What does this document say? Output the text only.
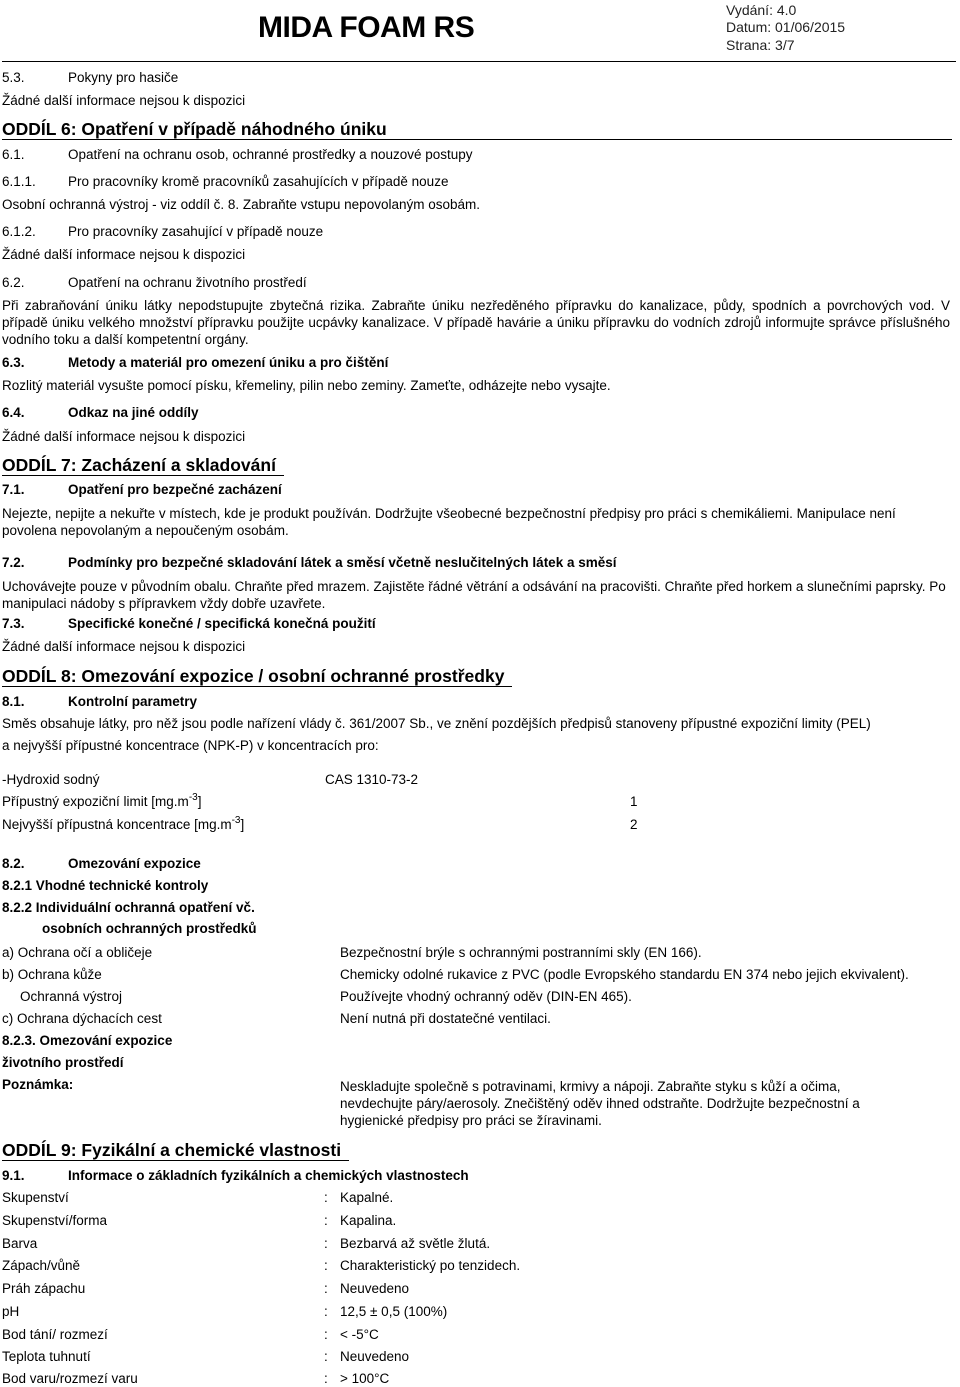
MIDA FOAM RS
Vydání: 4.0
Datum: 01/06/2015
Strana: 3/7
5.3.	Pokyny pro hasiče
Žádné další informace nejsou k dispozici
ODDÍL 6: Opatření v případě náhodného úniku
6.1.	Opatření na ochranu osob, ochranné prostředky a nouzové postupy
6.1.1. Pro pracovníky kromě pracovníků zasahujících v případě nouze
Osobní ochranná výstroj - viz oddíl č. 8. Zabraňte vstupu nepovolaným osobám.
6.1.2. Pro pracovníky zasahující v případě nouze
Žádné další informace nejsou k dispozici
6.2.	Opatření na ochranu životního prostředí
Při zabraňování úniku látky nepodstupujte zbytečná rizika. Zabraňte úniku nezředěného přípravku do kanalizace, půdy, spodních a povrchových vod. V případě úniku velkého množství přípravku použijte ucpávky kanalizace. V případě havárie a úniku přípravku do vodních zdrojů informujte správce příslušného vodního toku a další kompetentní orgány.
6.3.	Metody a materiál pro omezení úniku a pro čištění
Rozlitý materiál vysušte pomocí písku, křemeliny, pilin nebo zeminy. Zameťte, odházejte nebo vysajte.
6.4.	Odkaz na jiné oddíly
Žádné další informace nejsou k dispozici
ODDÍL 7: Zacházení a skladování
7.1.	Opatření pro bezpečné zacházení
Nejezte, nepijte a nekuřte v místech, kde je produkt používán. Dodržujte všeobecné bezpečnostní předpisy pro práci s chemikáliemi. Manipulace není povolena nepovolaným a nepoučeným osobám.
7.2.	Podmínky pro bezpečné skladování látek a směsí včetně neslučitelných látek a směsí
Uchovávejte pouze v původním obalu. Chraňte před mrazem. Zajistěte řádné větrání a odsávání na pracovišti. Chraňte před horkem a slunečními paprsky. Po manipulaci nádoby s přípravkem vždy dobře uzavřete.
7.3.	Specifické konečné / specifická konečná použití
Žádné další informace nejsou k dispozici
ODDÍL 8: Omezování expozice / osobní ochranné prostředky
8.1.	Kontrolní parametry
Směs obsahuje látky, pro něž jsou podle nařízení vlády č. 361/2007 Sb., ve znění pozdějších předpisů stanoveny přípustné expoziční limity (PEL)
a nejvyšší přípustné koncentrace (NPK-P) v koncentracích pro:
-Hydroxid sodný	CAS 1310-73-2
Přípustný expoziční limit $[mg.m^{-3}]$	1
Nejvyšší přípustná koncentrace $[mg.m^{-3}]$	2
8.2.	Omezování expozice
8.2.1 Vhodné technické kontroly
8.2.2 Individuální ochranná opatření vč.
osobních ochranných prostředků
a) Ochrana očí a obličeje	Bezpečnostní brýle s ochrannými postranními skly (EN 166).
b) Ochrana kůže	Chemicky odolné rukavice z PVC (podle Evropského standardu EN 374 nebo jejich ekvivalent).
Ochranná výstroj	Používejte vhodný ochranný oděv (DIN-EN 465).
c) Ochrana dýchacích cest	Není nutná při dostatečné ventilaci.
8.2.3. Omezování expozice
životního prostředí
Poznámka:	Neskladujte společně s potravinami, krmivy a nápoji. Zabraňte styku s kůží a očima, nevdechujte páry/aerosoly. Znečištěný oděv ihned odstraňte. Dodržujte bezpečnostní a hygienické předpisy pro práci se žíravinami.
ODDÍL 9: Fyzikální a chemické vlastnosti
9.1.	Informace o základních fyzikálních a chemických vlastnostech
Skupenství	: Kapalné.
Skupenství/forma	: Kapalina.
Barva	: Bezbarvá až světle žlutá.
Zápach/vůně	: Charakteristický po tenzidech.
Práh zápachu	: Neuvedeno
pH	: 12,5 ± 0,5 (100%)
Bod tání/ rozmezí	: < -5°C
Teplota tuhnutí	: Neuvedeno
Bod varu/rozmezí varu	: > 100°C
